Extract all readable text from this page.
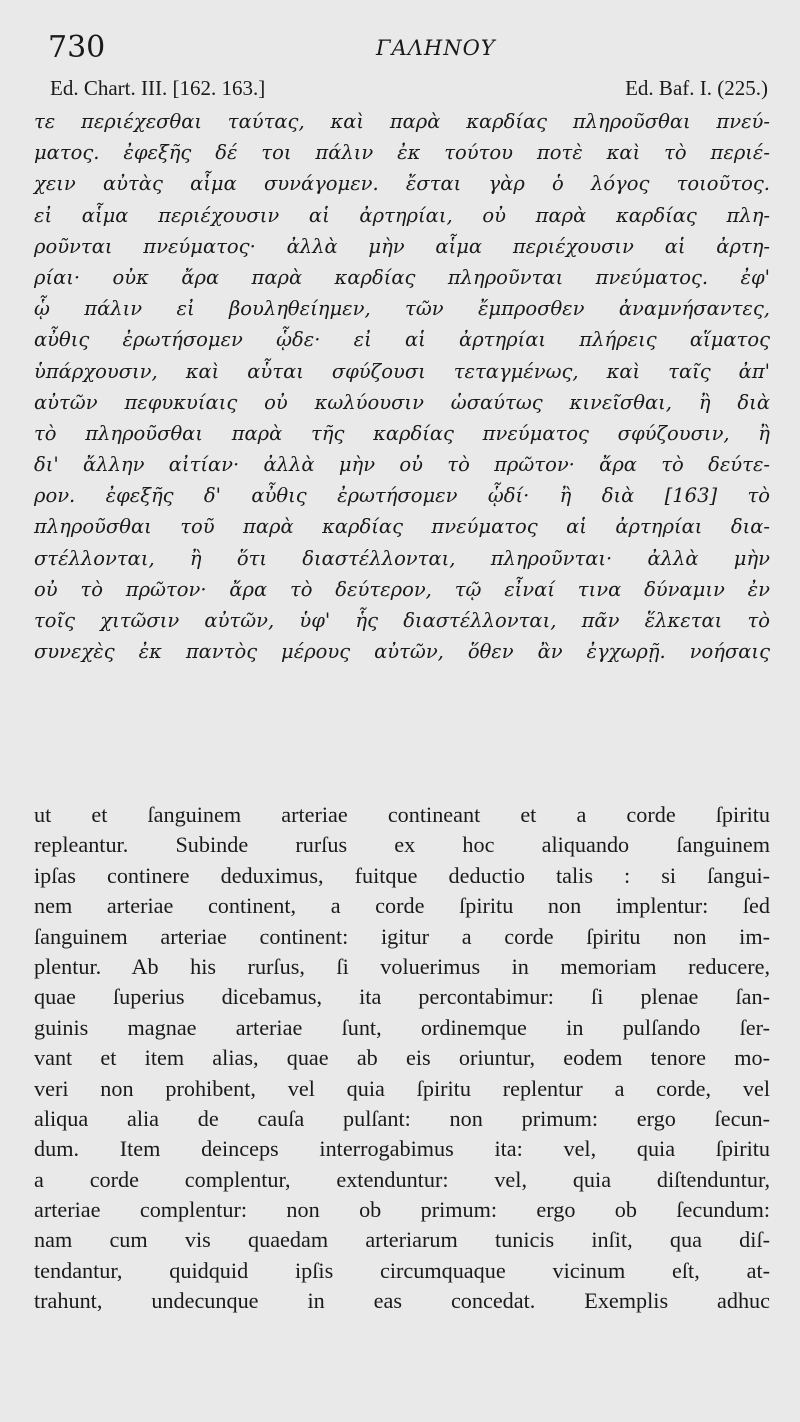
730	ΓΑΛΗΝΟΥ
Ed. Chart. III. [162. 163.]	Ed. Baf. I. (225.)
τε περιέχεσθαι ταύτας, καὶ παρὰ καρδίας πληροῦσθαι πνεύ-
ματος. ἐφεξῆς δέ τοι πάλιν ἐκ τούτου ποτὲ καὶ τὸ περιέ-
χειν αὐτὰς αἷμα συνάγομεν. ἔσται γὰρ ὁ λόγος τοιοῦτος.
εἰ αἷμα περιέχουσιν αἱ ἀρτηρίαι, οὐ παρὰ καρδίας πλη-
ροῦνται πνεύματος· ἀλλὰ μὴν αἷμα περιέχουσιν αἱ ἀρτη-
ρίαι· οὐκ ἄρα παρὰ καρδίας πληροῦνται πνεύματος. ἐφ'
ᾧ πάλιν εἰ βουληθείημεν, τῶν ἔμπροσθεν ἀναμνήσαντες,
αὖθις ἐρωτήσομεν ᾧδε· εἰ αἱ ἀρτηρίαι πλήρεις αἵματος
ὑπάρχουσιν, καὶ αὗται σφύζουσι τεταγμένως, καὶ ταῖς ἀπ'
αὐτῶν πεφυκυίαις οὐ κωλύουσιν ὡσαύτως κινεῖσθαι, ἢ διὰ
τὸ πληροῦσθαι παρὰ τῆς καρδίας πνεύματος σφύζουσιν, ἢ
δι' ἄλλην αἰτίαν· ἀλλὰ μὴν οὐ τὸ πρῶτον· ἄρα τὸ δεύτε-
ρον. ἐφεξῆς δ' αὖθις ἐρωτήσομεν ᾧδί· ἢ διὰ [163] τὸ
πληροῦσθαι τοῦ παρὰ καρδίας πνεύματος αἱ ἀρτηρίαι δια-
στέλλονται, ἢ ὅτι διαστέλλονται, πληροῦνται· ἀλλὰ μὴν
οὐ τὸ πρῶτον· ἄρα τὸ δεύτερον, τῷ εἶναί τινα δύναμιν ἐν
τοῖς χιτῶσιν αὐτῶν, ὑφ' ἧς διαστέλλονται, πᾶν ἕλκεται τὸ
συνεχὲς ἐκ παντὸς μέρους αὐτῶν, ὅθεν ἂν ἐγχωρῇ. νοήσαις
ut et ſanguinem arteriae contineant et a corde ſpiritu
repleantur. Subinde rurſus ex hoc aliquando ſanguinem
ipſas continere deduximus, fuitque deductio talis : si ſangui-
nem arteriae continent, a corde ſpiritu non implentur: ſed
ſanguinem arteriae continent: igitur a corde ſpiritu non im-
plentur. Ab his rurſus, ſi voluerimus in memoriam reducere,
quae ſuperius dicebamus, ita percontabimur: ſi plenae ſan-
guinis magnae arteriae ſunt, ordinemque in pulſando ſer-
vant et item alias, quae ab eis oriuntur, eodem tenore mo-
veri non prohibent, vel quia ſpiritu replentur a corde, vel
aliqua alia de cauſa pulſant: non primum: ergo ſecun-
dum. Item deinceps interrogabimus ita: vel, quia ſpiritu
a corde complentur, extenduntur: vel, quia diſtenduntur,
arteriae complentur: non ob primum: ergo ob ſecundum:
nam cum vis quaedam arteriarum tunicis inſit, qua diſ-
tendantur, quidquid ipſis circumquaque vicinum eſt, at-
trahunt, undecunque in eas concedat. Exemplis adhuc
